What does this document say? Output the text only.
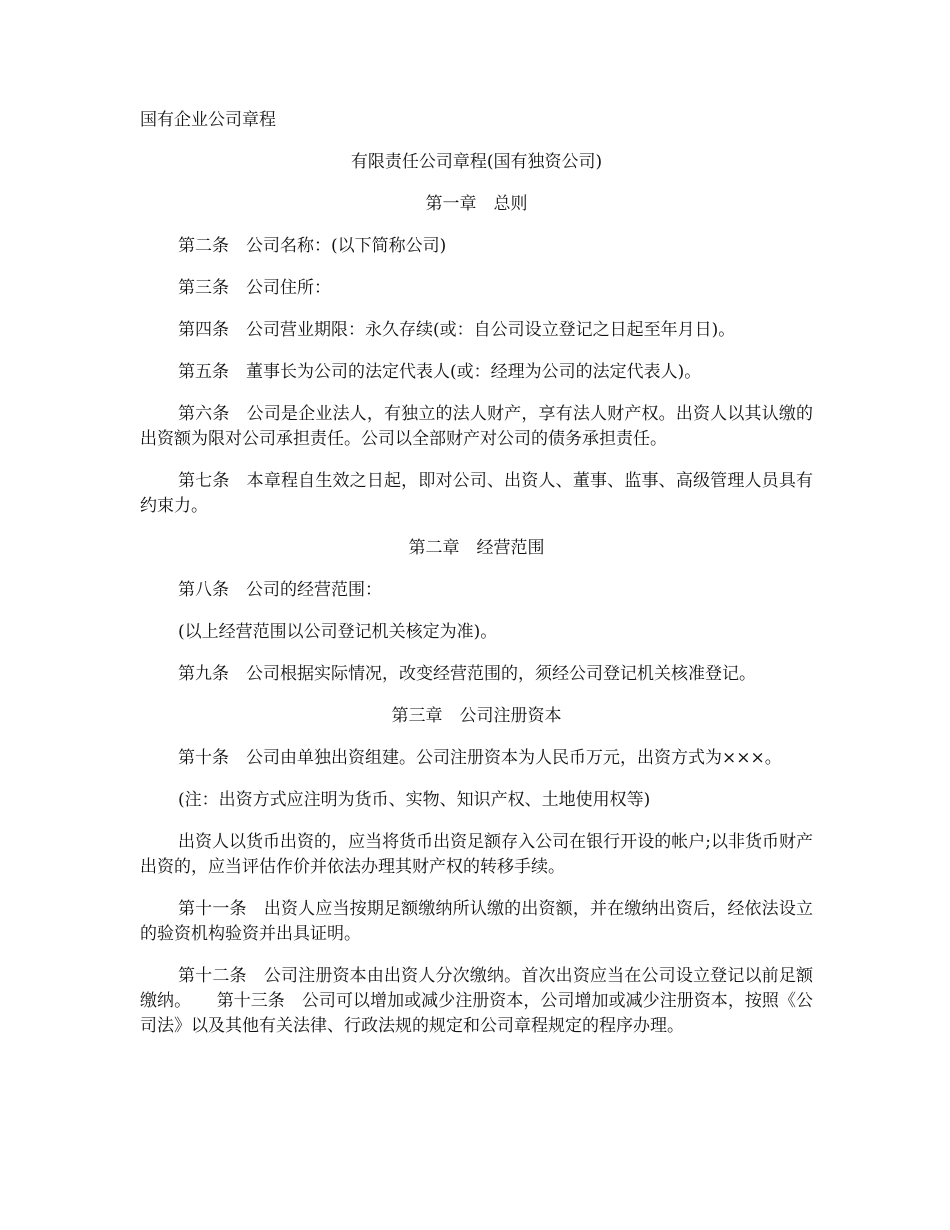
国有企业公司章程

有限责任公司章程(国有独资公司)

第一章　总则

第二条　公司名称：(以下简称公司)

第三条　公司住所：

第四条　公司营业期限：永久存续(或：自公司设立登记之日起至年月日)。

第五条　董事长为公司的法定代表人(或：经理为公司的法定代表人)。

第六条　公司是企业法人，有独立的法人财产，享有法人财产权。出资人以其认缴的出资额为限对公司承担责任。公司以全部财产对公司的债务承担责任。

第七条　本章程自生效之日起，即对公司、出资人、董事、监事、高级管理人员具有约束力。

第二章　经营范围

第八条　公司的经营范围：

(以上经营范围以公司登记机关核定为准)。

第九条　公司根据实际情况，改变经营范围的，须经公司登记机关核准登记。

第三章　公司注册资本

第十条　公司由单独出资组建。公司注册资本为人民币万元，出资方式为×××。

(注：出资方式应注明为货币、实物、知识产权、土地使用权等)

出资人以货币出资的，应当将货币出资足额存入公司在银行开设的帐户;以非货币财产出资的，应当评估作价并依法办理其财产权的转移手续。

第十一条　出资人应当按期足额缴纳所认缴的出资额，并在缴纳出资后，经依法设立的验资机构验资并出具证明。

第十二条　公司注册资本由出资人分次缴纳。首次出资应当在公司设立登记以前足额缴纳。　　第十三条　公司可以增加或减少注册资本，公司增加或减少注册资本，按照《公司法》以及其他有关法律、行政法规的规定和公司章程规定的程序办理。
